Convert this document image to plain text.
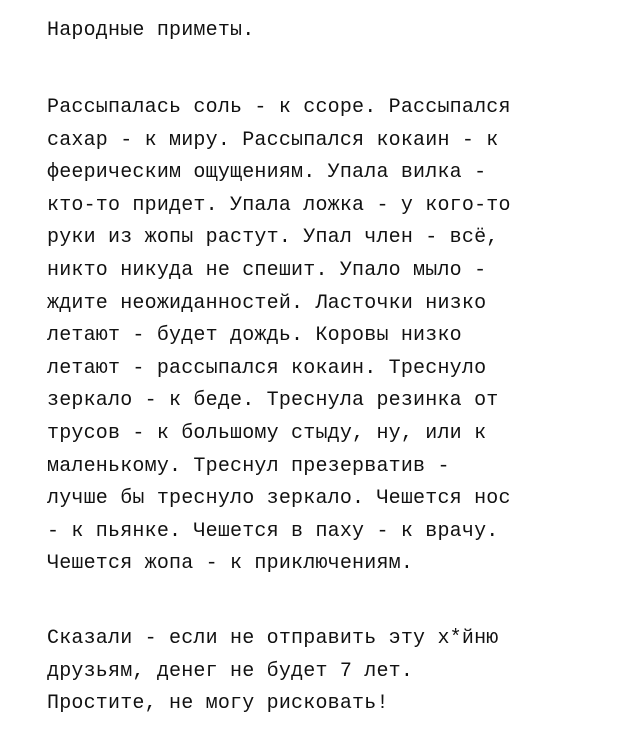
Народные приметы.
Рассыпалась соль - к ссоре. Рассыпался
сахар - к миру. Рассыпался кокаин - к
феерическим ощущениям. Упала вилка -
кто-то придет. Упала ложка - у кого-то
руки из жопы растут. Упал член - всё,
никто никуда не спешит. Упало мыло -
ждите неожиданностей. Ласточки низко
летают - будет дождь. Коровы низко
летают - рассыпался кокаин. Треснуло
зеркало - к беде. Треснула резинка от
трусов - к большому стыду, ну, или к
маленькому. Треснул презерватив -
лучше бы треснуло зеркало. Чешется нос
- к пьянке. Чешется в паху - к врачу.
Чешется жопа - к приключениям.
Сказали - если не отправить эту х*йню
друзьям, денег не будет 7 лет.
Простите, не могу рисковать!
